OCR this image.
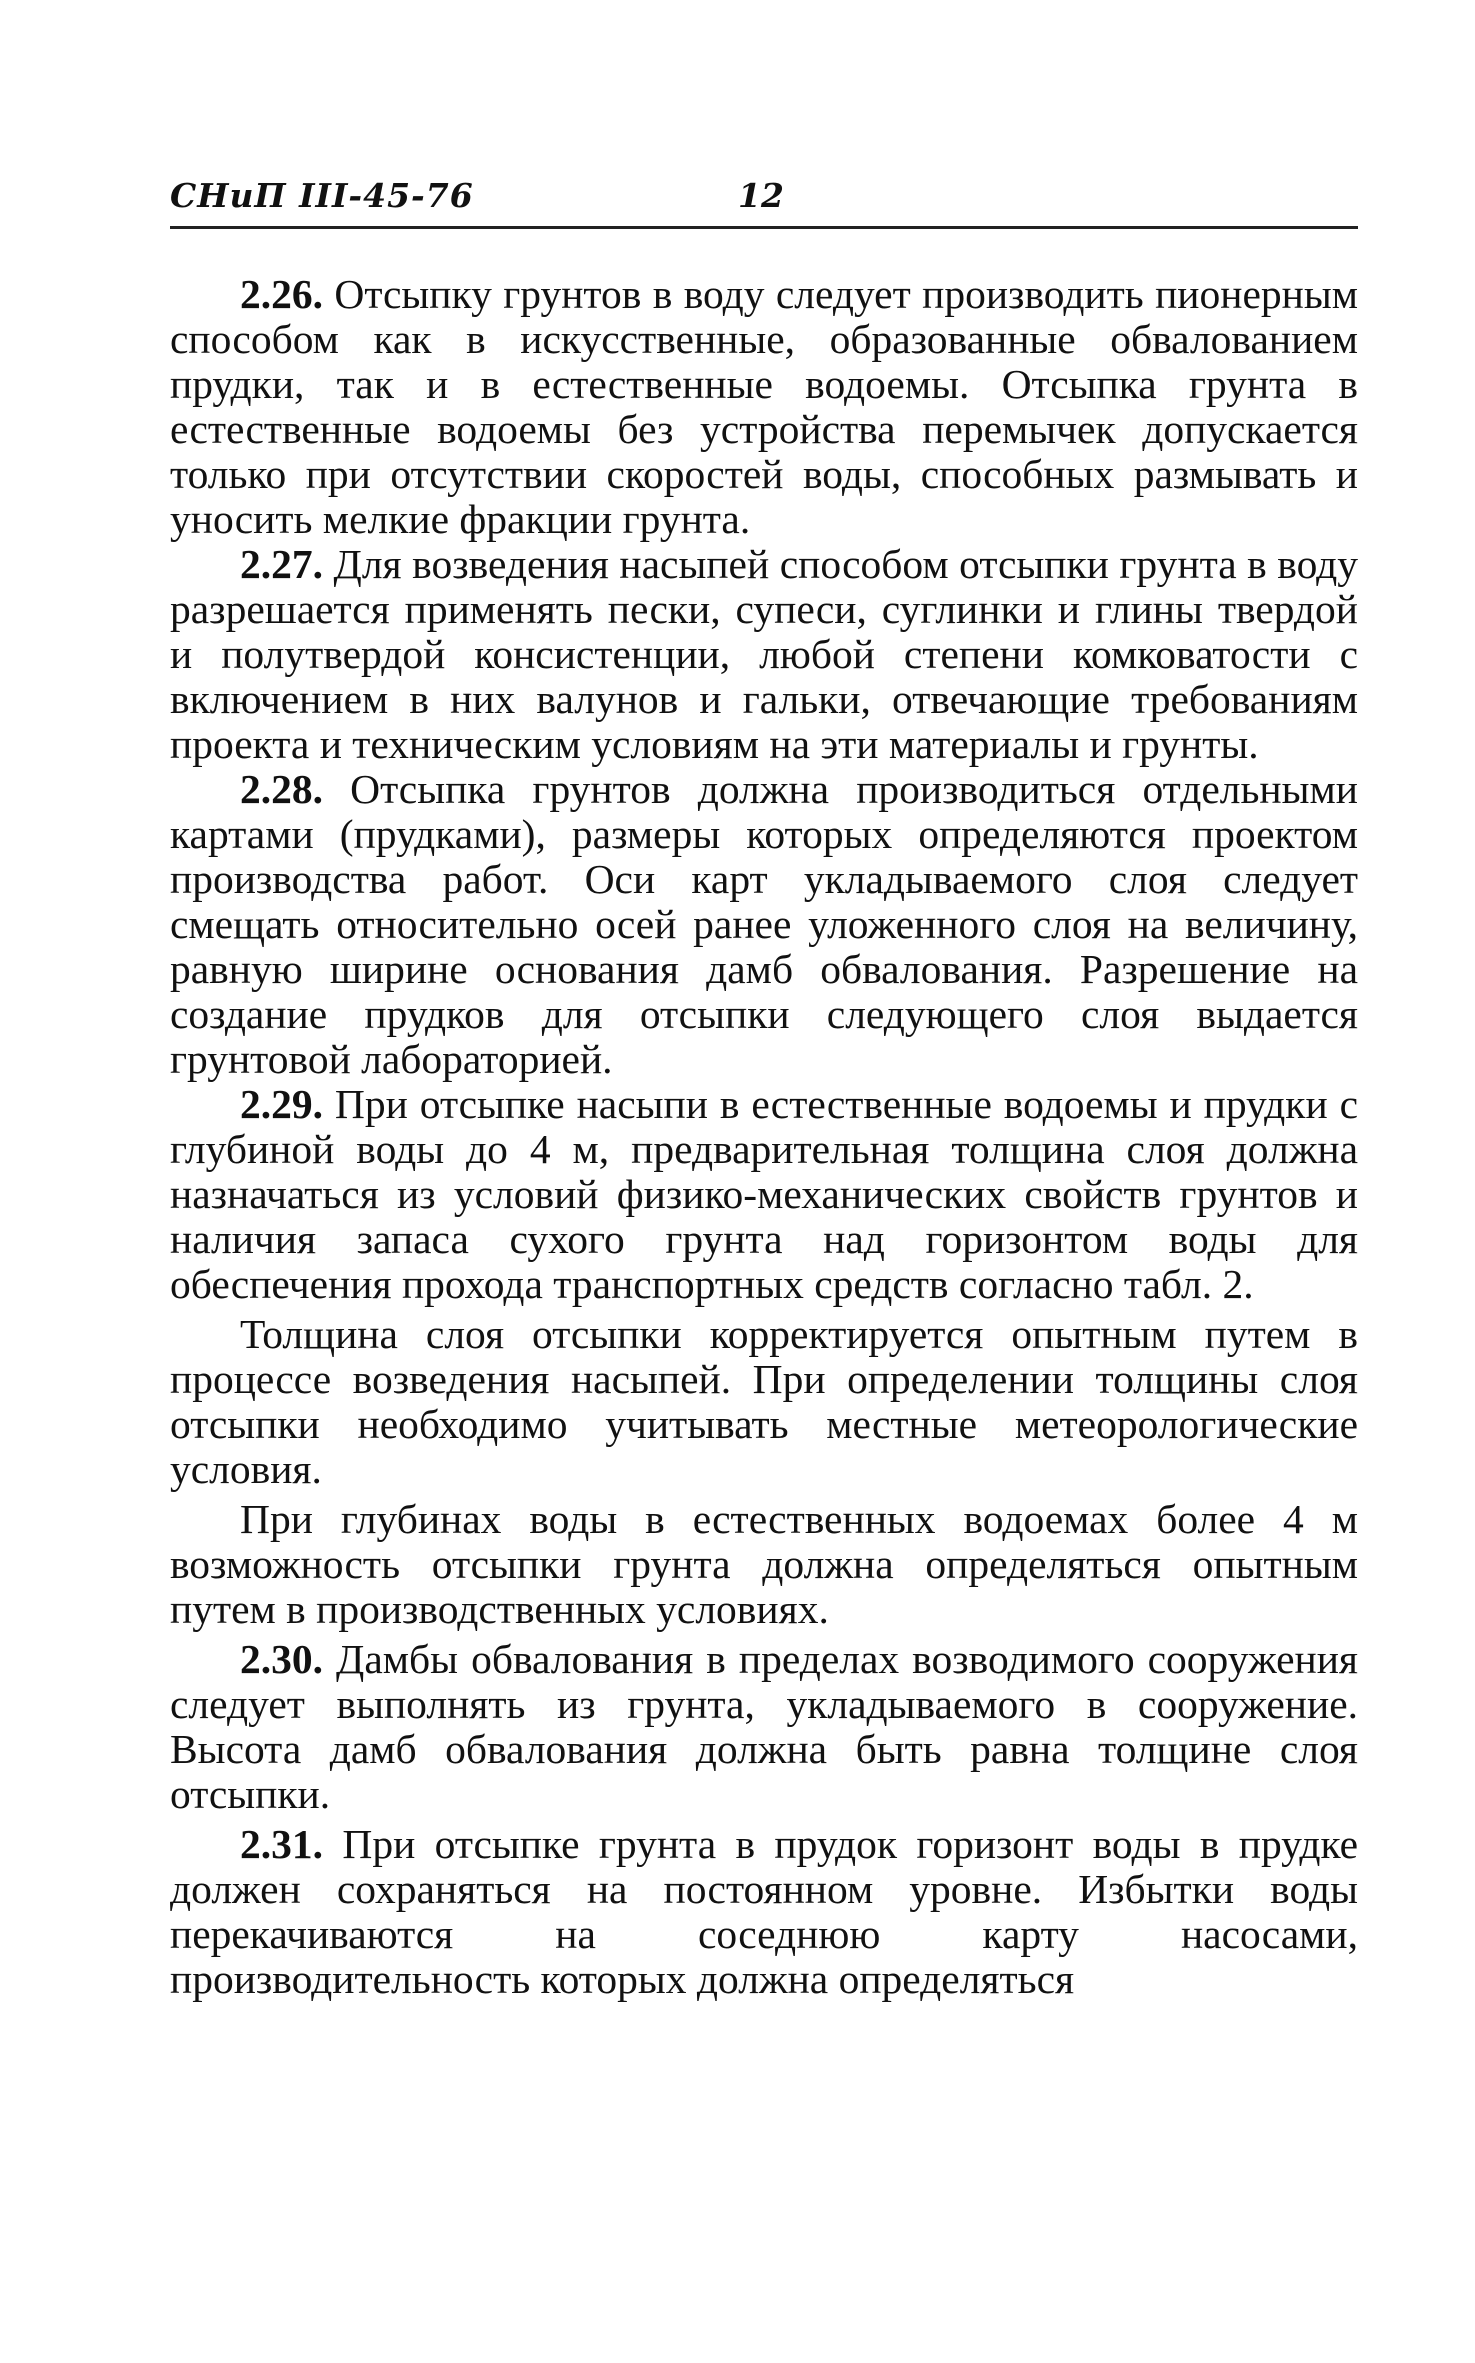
СНиП III-45-76	12

2.26. Отсыпку грунтов в воду следует производить пионерным способом как в искусственные, образованные обвалованием прудки, так и в естественные водоемы. Отсыпка грунта в естественные водоемы без устройства перемычек допускается только при отсутствии скоростей воды, способных размывать и уносить мелкие фракции грунта.

2.27. Для возведения насыпей способом отсыпки грунта в воду разрешается применять пески, супеси, суглинки и глины твердой и полутвердой консистенции, любой степени комковатости с включением в них валунов и гальки, отвечающие требованиям проекта и техническим условиям на эти материалы и грунты.

2.28. Отсыпка грунтов должна производиться отдельными картами (прудками), размеры которых определяются проектом производства работ. Оси карт укладываемого слоя следует смещать относительно осей ранее уложенного слоя на величину, равную ширине основания дамб обвалования. Разрешение на создание прудков для отсыпки следующего слоя выдается грунтовой лабораторией.

2.29. При отсыпке насыпи в естественные водоемы и прудки с глубиной воды до 4 м, предварительная толщина слоя должна назначаться из условий физико-механических свойств грунтов и наличия запаса сухого грунта над горизонтом воды для обеспечения прохода транспортных средств согласно табл. 2.

Толщина слоя отсыпки корректируется опытным путем в процессе возведения насыпей. При определении толщины слоя отсыпки необходимо учитывать местные метеорологические условия.

При глубинах воды в естественных водоемах более 4 м возможность отсыпки грунта должна определяться опытным путем в производственных условиях.

2.30. Дамбы обвалования в пределах возводимого сооружения следует выполнять из грунта, укладываемого в сооружение. Высота дамб обвалования должна быть равна толщине слоя отсыпки.

2.31. При отсыпке грунта в прудок горизонт воды в прудке должен сохраняться на постоянном уровне. Избытки воды перекачиваются на соседнюю карту насосами, производительность которых должна определяться
